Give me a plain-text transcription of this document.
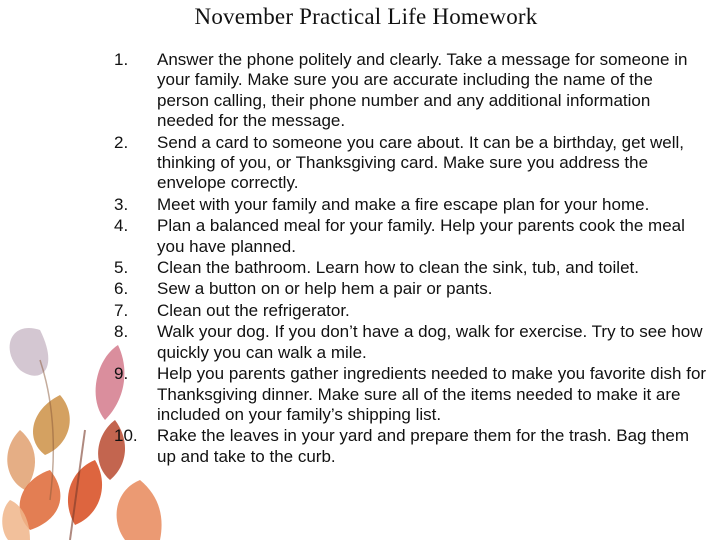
November Practical Life Homework
1.	Answer the phone politely and clearly. Take a message for someone in your family. Make sure you are accurate including the name of the person calling, their phone number and any additional information needed for the message.
2.	Send a card to someone you care about. It can be a birthday, get well, thinking of you, or Thanksgiving card. Make sure you address the envelope correctly.
3.	Meet with your family and make a fire escape plan for your home.
4.	Plan a balanced meal for your family. Help your parents cook the meal you have planned.
5.	Clean the bathroom. Learn how to clean the sink, tub, and toilet.
6.	Sew a button on or help hem a pair or pants.
7.	Clean out the refrigerator.
8.	Walk your dog. If you don’t have a dog, walk for exercise. Try to see how quickly you can walk a mile.
9.	Help you parents gather ingredients needed to make you favorite dish for Thanksgiving dinner. Make sure all of the items needed to make it are included on your family’s shipping list.
10.	Rake the leaves in your yard and prepare them for the trash. Bag them up and take to the curb.
